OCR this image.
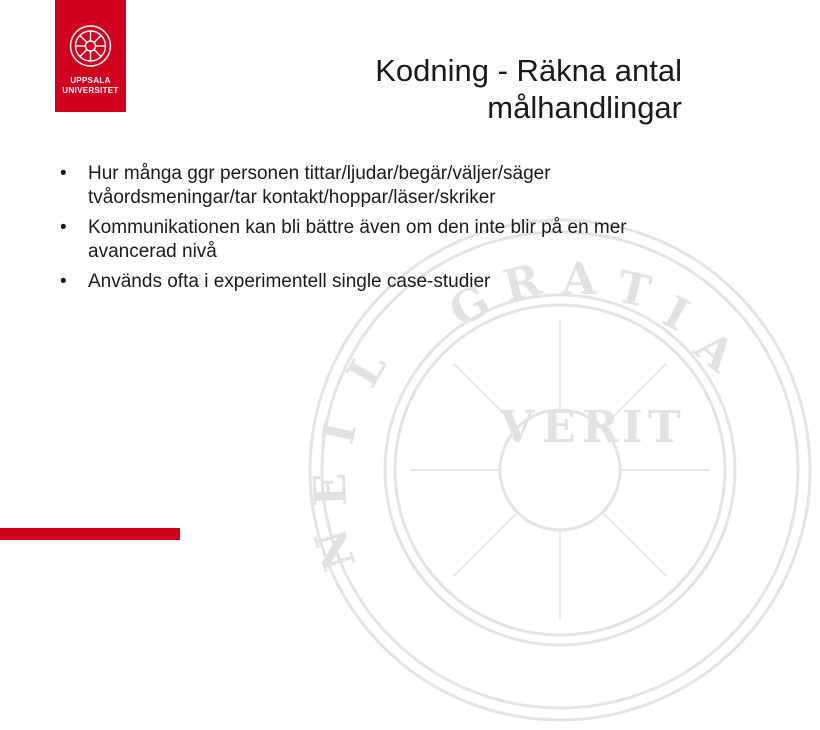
G R A T I
A
L
I
E
N
V E R I T
UPPSALA
UNIVERSITET
Kodning - Räkna antal
målhandlingar
• Hur många ggr personen tittar/ljudar/begär/väljer/säger tvåordsmeningar/tar kontakt/hoppar/läser/skriker
• Kommunikationen kan bli bättre även om den inte blir på en mer avancerad nivå
• Används ofta i experimentell single case-studier
